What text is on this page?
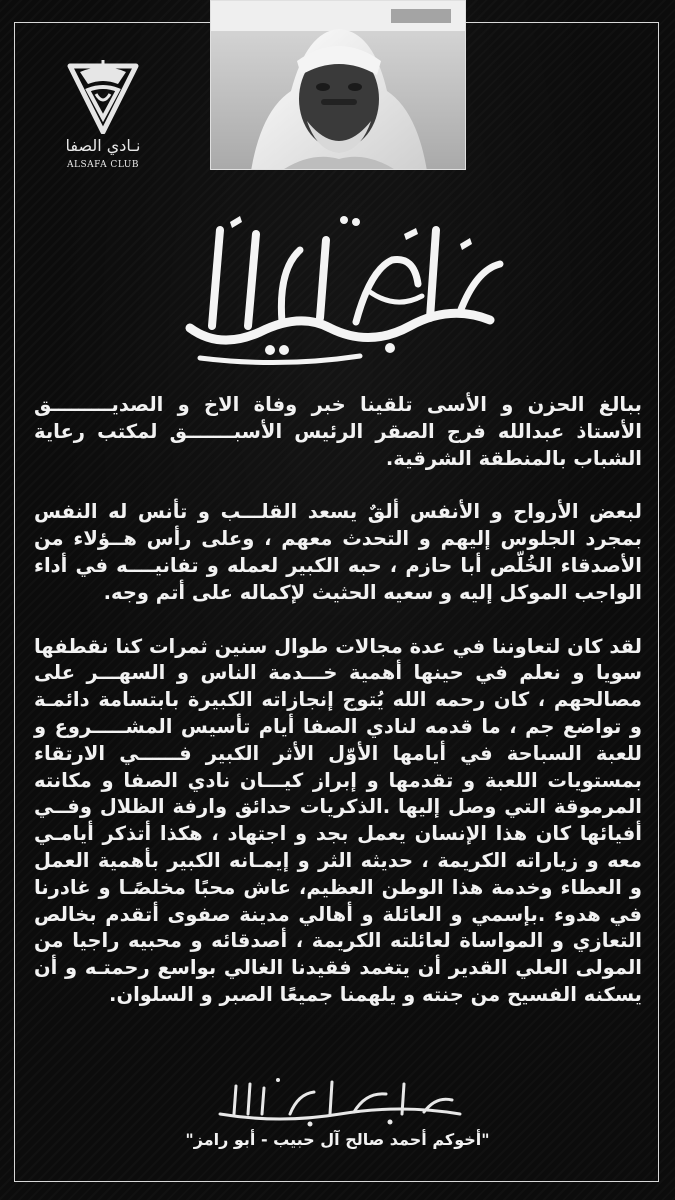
نـادي الصفا
ALSAFA CLUB

ببالغ الحزن و الأسى تلقينا خبر وفاة الاخ و الصديـــــــــق الأستاذ عبدالله فرج الصقر الرئيس الأسبـــــــق لمكتب رعاية الشباب بالمنطقة الشرقية.

لبعض الأرواح و الأنفس ألقٌ يسعد القلـــب و تأنس له النفس بمجرد الجلوس إليهم و التحدث معهم ، وعلى رأس هــؤلاء من الأصدقاء الخُلّص أبا حازم ، حبه الكبير لعمله و تفانيــــه في أداء الواجب الموكل إليه و سعيه الحثيث لإكماله على أتم وجه.

لقد كان لتعاوننا في عدة مجالات طوال سنين ثمرات كنا نقطفها سويا و نعلم في حينها أهمية خـــدمة الناس و السهـــر على مصالحهم ، كان رحمه الله يُتوج إنجازاته الكبيرة بابتسامة دائمـة و تواضع جم ، ما قدمه لنادي الصفا أيام تأسيس المشـــــروع و للعبة السباحة في أيامها الأوّل الأثر الكبير فــــــي الارتقاء بمستويات اللعبة و تقدمها و إبراز كيـــان نادي الصفا و مكانته المرموقة التي وصل إليها .الذكريات حدائق وارفة الظلال وفــي أفيائها كان هذا الإنسان يعمل بجد و اجتهاد ، هكذا أتذكر أيامـي معه و زياراته الكريمة ، حديثه الثر و إيمـانه الكبير بأهمية العمل و العطاء وخدمة هذا الوطن العظيم، عاش محبًا مخلصًـا و غادرنا في هدوء .بإسمي و العائلة و أهالي مدينة صفوى أتقدم بخالص التعازي و المواساة لعائلته الكريمة ، أصدقائه و محبيه راجيا من المولى العلي القدير أن يتغمد فقيدنا الغالي بواسع رحمتـه و أن يسكنه الفسيح من جنته و يلهمنا جميعًا الصبر و السلوان.

"أخوكم أحمد صالح آل حبيب - أبو رامز"
